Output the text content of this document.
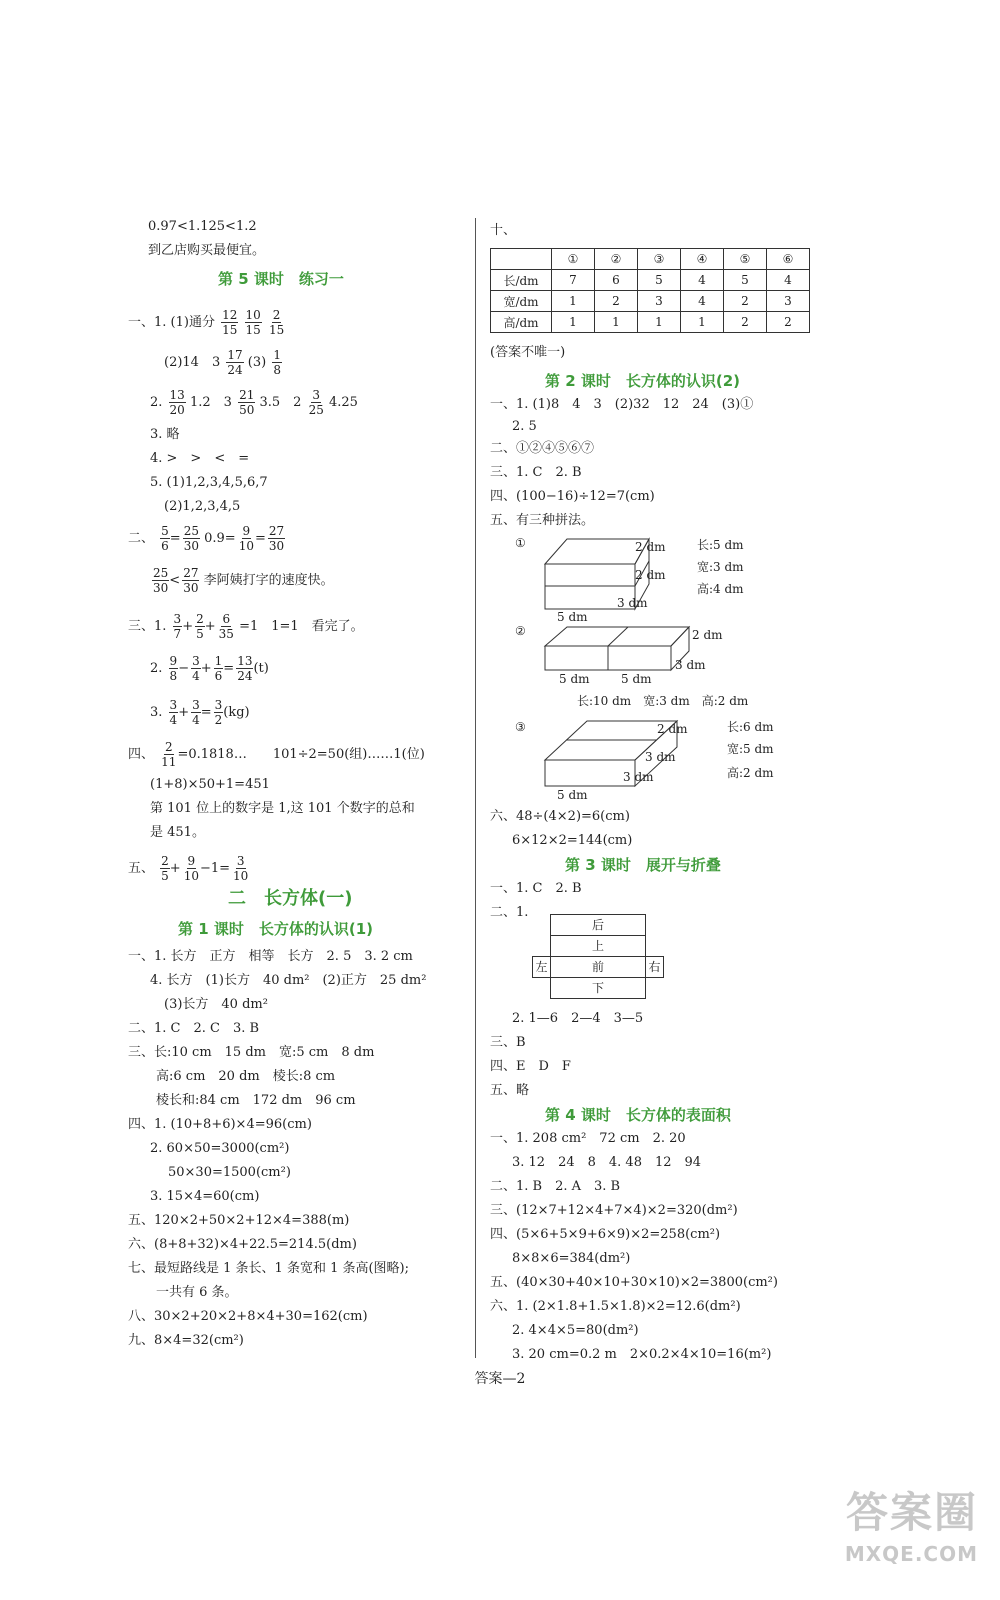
0.97<1.125<1.2
到乙店购买最便宜。
第 5 课时　练习一
一、1. (1)通分 $\frac{12}{15}$
$\frac{10}{15}$
$\frac{2}{15}$
(2)14　$3 \frac{17}{24} (3) \frac{1}{8}$
2. $\frac{13}{20} 1.2$　$3 \frac{21}{50} 3.5$　$2 \frac{3}{25} 4.25$
3. 略
4. >　>　<　=
5. (1)1,2,3,4,5,6,7
(2)1,2,3,4,5
二、 $\frac{5}{6} = \frac{25}{30} 0.9= \frac{9}{10} = \frac{27}{30}$
$\frac{25}{30} < \frac{27}{30}$ 李阿姨打字的速度快。
三、1. $\frac{3}{7} + \frac{2}{5} + \frac{6}{35} =1$　1=1　看完了。
2. $\frac{9}{8} - \frac{3}{4} + \frac{1}{6} = \frac{13}{24} (t)$
3. $\frac{3}{4} + \frac{3}{4} = \frac{3}{2} (kg)$
四、 $\frac{2}{11}$ =0.1818…　　101÷2=50(组)……1(位)
(1+8)×50+1=451
第 101 位上的数字是 1,这 101 个数字的总和
是 451。
五、 $\frac{2}{5} + \frac{9}{10} -1= \frac{3}{10}$
二　长方体(一)
第 1 课时　长方体的认识(1)
一、1. 长方　正方　相等　长方　2. 5　3. 2 cm
4. 长方　(1)长方　40 dm²　(2)正方　25 dm²
(3)长方　40 dm²
二、1. C　2. C　3. B
三、长:10 cm　15 dm　宽:5 cm　8 dm
高:6 cm　20 dm　棱长:8 cm
棱长和:84 cm　172 dm　96 cm
四、1. (10+8+6)×4=96(cm)
2. 60×50=3000(cm²)
50×30=1500(cm²)
3. 15×4=60(cm)
五、120×2+50×2+12×4=388(m)
六、(8+8+32)×4+22.5=214.5(dm)
七、最短路线是 1 条长、1 条宽和 1 条高(图略);
一共有 6 条。
八、30×2+20×2+8×4+30=162(cm)
九、8×4=32(cm²)
十、
	①	②	③	④	⑤	⑥
长/dm	7	6	5	4	5	4
宽/dm	1	2	3	4	2	3
高/dm	1	1	1	1	2	2
(答案不唯一)
第 2 课时　长方体的认识(2)
一、1. (1)8　4　3　(2)32　12　24　(3)①
2. 5
二、①②④⑤⑥⑦
三、1. C　2. B
四、(100−16)÷12=7(cm)
五、有三种拼法。
①	2 dm
2 dm
3 dm
5 dm
长:5 dm
宽:3 dm
高:4 dm
②	2 dm
3 dm
5 dm	5 dm
长:10 dm　宽:3 dm　高:2 dm
③	2 dm
3 dm
3 dm
5 dm
长:6 dm
宽:5 dm
高:2 dm
六、48÷(4×2)=6(cm)
6×12×2=144(cm)
第 3 课时　展开与折叠
一、1. C　2. B
二、1.
后
上
左	前	右
下
2. 1—6　2—4　3—5
三、B
四、E　D　F
五、略
第 4 课时　长方体的表面积
一、1. 208 cm²　72 cm　2. 20
3. 12　24　8　4. 48　12　94
二、1. B　2. A　3. B
三、(12×7+12×4+7×4)×2=320(dm²)
四、(5×6+5×9+6×9)×2=258(cm²)
8×8×6=384(dm²)
五、(40×30+40×10+30×10)×2=3800(cm²)
六、1. (2×1.8+1.5×1.8)×2=12.6(dm²)
2. 4×4×5=80(dm²)
3. 20 cm=0.2 m　2×0.2×4×10=16(m²)
答案—2
答案圈
MXQE.COM
